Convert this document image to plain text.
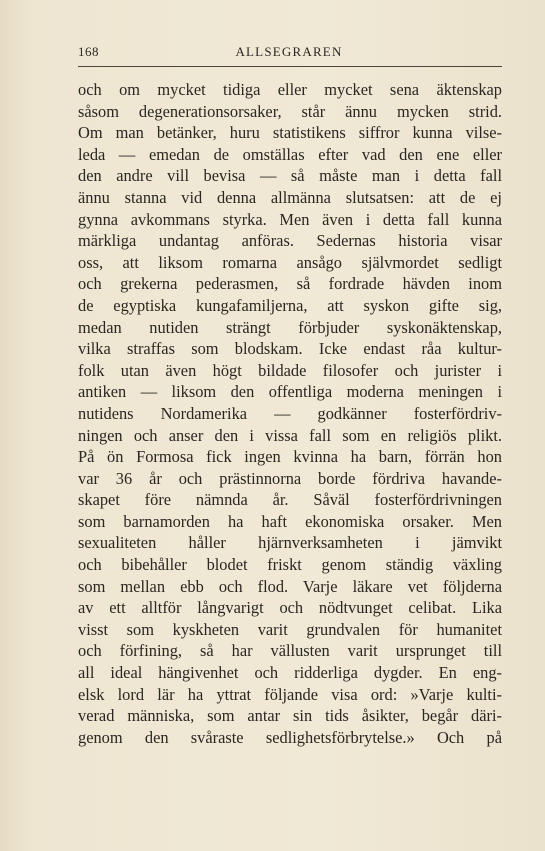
168	ALLSEGRAREN
och om mycket tidiga eller mycket sena äktenskap
såsom degenerationsorsaker, står ännu mycken strid.
Om man betänker, huru statistikens siffror kunna vilse-
leda — emedan de omställas efter vad den ene eller
den andre vill bevisa — så måste man i detta fall
ännu stanna vid denna allmänna slutsatsen: att de ej
gynna avkommans styrka. Men även i detta fall kunna
märkliga undantag anföras. Sedernas historia visar
oss, att liksom romarna ansågo självmordet sedligt
och grekerna pederasmen, så fordrade hävden inom
de egyptiska kungafamiljerna, att syskon gifte sig,
medan nutiden strängt förbjuder syskonäktenskap,
vilka straffas som blodskam. Icke endast råa kultur-
folk utan även högt bildade filosofer och jurister i
antiken — liksom den offentliga moderna meningen i
nutidens Nordamerika — godkänner fosterfördriv-
ningen och anser den i vissa fall som en religiös plikt.
På ön Formosa fick ingen kvinna ha barn, förrän hon
var 36 år och prästinnorna borde fördriva havande-
skapet före nämnda år. Såväl fosterfördrivningen
som barnamorden ha haft ekonomiska orsaker. Men
sexualiteten håller hjärnverksamheten i jämvikt
och bibehåller blodet friskt genom ständig växling
som mellan ebb och flod. Varje läkare vet följderna
av ett alltför långvarigt och nödtvunget celibat. Lika
visst som kyskheten varit grundvalen för humanitet
och förfining, så har vällusten varit ursprunget till
all ideal hängivenhet och ridderliga dygder. En eng-
elsk lord lär ha yttrat följande visa ord: »Varje kulti-
verad människa, som antar sin tids åsikter, begår däri-
genom den svåraste sedlighetsförbrytelse.» Och på
